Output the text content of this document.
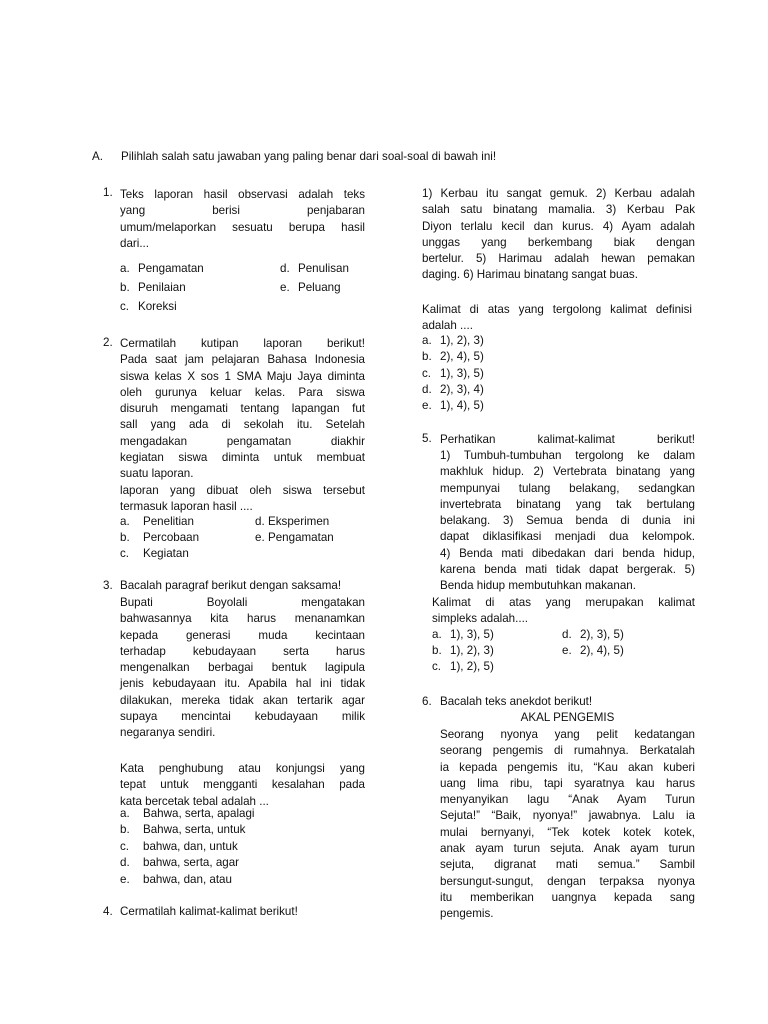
A. Pilihlah salah satu jawaban yang paling benar dari soal-soal di bawah ini!
1. Teks laporan hasil observasi adalah teks
yang berisi penjabaran
umum/melaporkan sesuatu berupa hasil
dari...
a. Pengamatan
b. Penilaian
c. Koreksi
d. Penulisan
e. Peluang
2. Cermatilah kutipan laporan berikut!
Pada saat jam pelajaran Bahasa Indonesia
siswa kelas X sos 1 SMA Maju Jaya diminta
oleh gurunya keluar kelas. Para siswa
disuruh mengamati tentang lapangan fut
sall yang ada di sekolah itu. Setelah
mengadakan pengamatan diakhir
kegiatan siswa diminta untuk membuat
suatu laporan.
laporan yang dibuat oleh siswa tersebut
termasuk laporan hasil ....
a. Penelitian
b. Percobaan
c. Kegiatan
d. Eksperimen
e. Pengamatan
3. Bacalah paragraf berikut dengan saksama!
Bupati Boyolali mengatakan
bahwasannya kita harus menanamkan
kepada generasi muda kecintaan
terhadap kebudayaan serta harus
mengenalkan berbagai bentuk lagipula
jenis kebudayaan itu. Apabila hal ini tidak
dilakukan, mereka tidak akan tertarik agar
supaya mencintai kebudayaan milik
negaranya sendiri.
Kata penghubung atau konjungsi yang
tepat untuk mengganti kesalahan pada
kata bercetak tebal adalah ...
a. Bahwa, serta, apalagi
b. Bahwa, serta, untuk
c. bahwa, dan, untuk
d. bahwa, serta, agar
e. bahwa, dan, atau
4. Cermatilah kalimat-kalimat berikut!
1) Kerbau itu sangat gemuk. 2) Kerbau adalah
salah satu binatang mamalia. 3) Kerbau Pak
Diyon terlalu kecil dan kurus. 4) Ayam adalah
unggas yang berkembang biak dengan
bertelur. 5) Harimau adalah hewan pemakan
daging. 6) Harimau binatang sangat buas.
Kalimat di atas yang tergolong kalimat definisi
adalah ....
a. 1), 2), 3)
b. 2), 4), 5)
c. 1), 3), 5)
d. 2), 3), 4)
e. 1), 4), 5)
5. Perhatikan kalimat-kalimat berikut!
1) Tumbuh-tumbuhan tergolong ke dalam
makhluk hidup. 2) Vertebrata binatang yang
mempunyai tulang belakang, sedangkan
invertebrata binatang yang tak bertulang
belakang. 3) Semua benda di dunia ini
dapat diklasifikasi menjadi dua kelompok.
4) Benda mati dibedakan dari benda hidup,
karena benda mati tidak dapat bergerak. 5)
Benda hidup membutuhkan makanan.
Kalimat di atas yang merupakan kalimat
simpleks adalah....
a. 1), 3), 5)
b. 1), 2), 3)
c. 1), 2), 5)
d. 2), 3), 5)
e. 2), 4), 5)
6. Bacalah teks anekdot berikut!
AKAL PENGEMIS
Seorang nyonya yang pelit kedatangan
seorang pengemis di rumahnya. Berkatalah
ia kepada pengemis itu, “Kau akan kuberi
uang lima ribu, tapi syaratnya kau harus
menyanyikan lagu “Anak Ayam Turun
Sejuta!” “Baik, nyonya!” jawabnya. Lalu ia
mulai bernyanyi, “Tek kotek kotek kotek,
anak ayam turun sejuta. Anak ayam turun
sejuta, digranat mati semua.” Sambil
bersungut-sungut, dengan terpaksa nyonya
itu memberikan uangnya kepada sang
pengemis.
